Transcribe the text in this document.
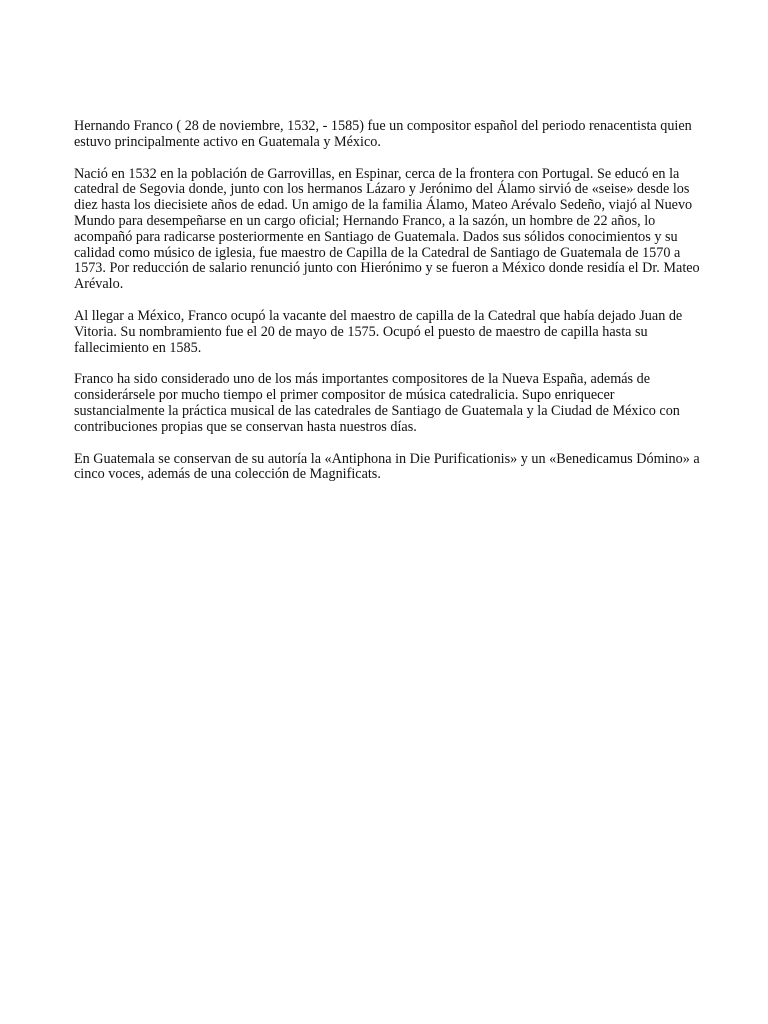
Hernando Franco ( 28 de noviembre, 1532, - 1585) fue un compositor español del periodo renacentista quien estuvo principalmente activo en Guatemala y México.

Nació en 1532 en la población de Garrovillas, en Espinar, cerca de la frontera con Portugal. Se educó en la catedral de Segovia donde, junto con los hermanos Lázaro y Jerónimo del Álamo sirvió de «seise» desde los diez hasta los diecisiete años de edad. Un amigo de la familia Álamo, Mateo Arévalo Sedeño, viajó al Nuevo Mundo para desempeñarse en un cargo oficial; Hernando Franco, a la sazón, un hombre de 22 años, lo acompañó para radicarse posteriormente en Santiago de Guatemala. Dados sus sólidos conocimientos y su calidad como músico de iglesia, fue maestro de Capilla de la Catedral de Santiago de Guatemala de 1570 a 1573. Por reducción de salario renunció junto con Hierónimo y se fueron a México donde residía el Dr. Mateo Arévalo.

Al llegar a México, Franco ocupó la vacante del maestro de capilla de la Catedral que había dejado Juan de Vitoria. Su nombramiento fue el 20 de mayo de 1575. Ocupó el puesto de maestro de capilla hasta su fallecimiento en 1585.

Franco ha sido considerado uno de los más importantes compositores de la Nueva España, además de considerársele por mucho tiempo el primer compositor de música catedralicia. Supo enriquecer sustancialmente la práctica musical de las catedrales de Santiago de Guatemala y la Ciudad de México con contribuciones propias que se conservan hasta nuestros días.

En Guatemala se conservan de su autoría la «Antiphona in Die Purificationis» y un «Benedicamus Dómino» a cinco voces, además de una colección de Magnificats.
